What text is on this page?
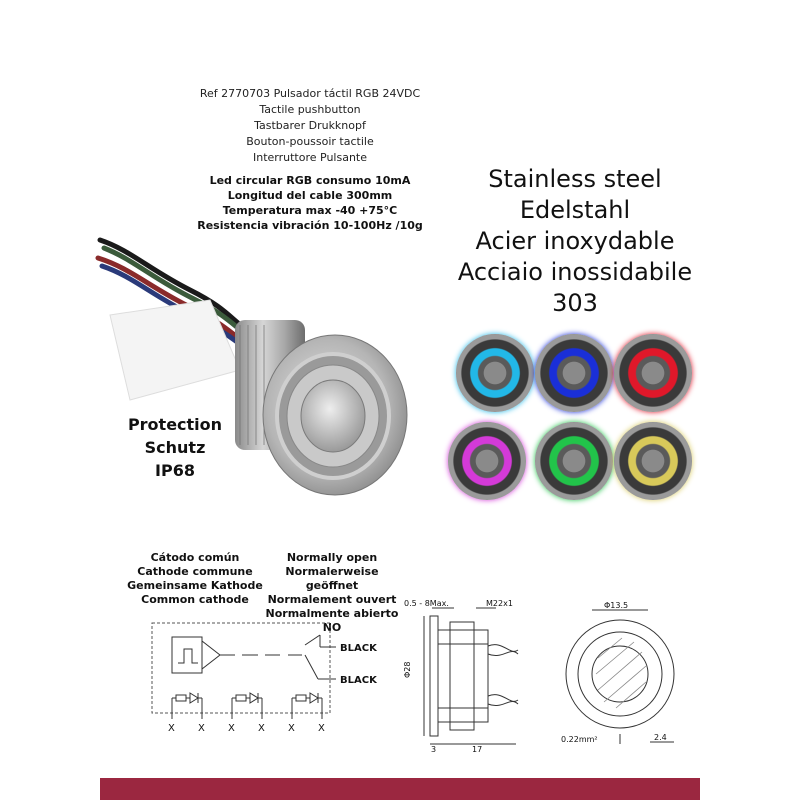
Ref 2770703 Pulsador táctil RGB 24VDC
Tactile pushbutton
Tastbarer Drukknopf
Bouton-poussoir tactile
Interruttore Pulsante
Led circular RGB consumo 10mA
Longitud del cable 300mm
Temperatura max -40 +75°C
Resistencia vibración 10-100Hz /10g
Stainless steel
Edelstahl
Acier inoxydable
Acciaio inossidabile
303
Protection
Schutz
IP68
Cátodo común
Cathode commune
Gemeinsame Kathode
Common cathode
Normally open
Normalerweise geöffnet
Normalement ouvert
Normalmente abierto
NO
BLACK
BLACK
X X X X X X
0.5 - 8Max.	M22x1
Φ28
Φ13.5
3	17
0.22mm²	2.4
